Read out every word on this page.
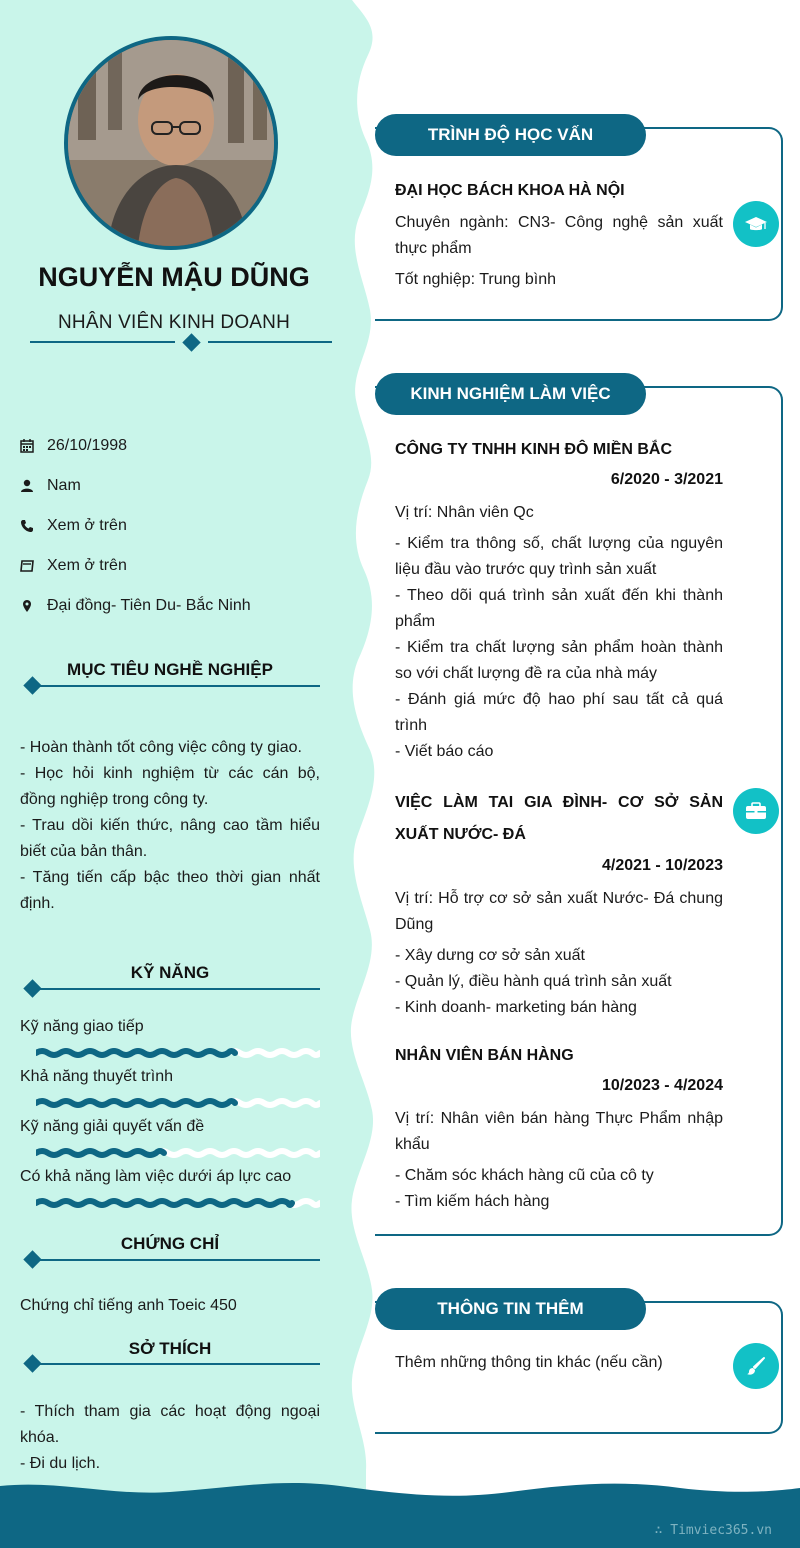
NGUYỄN MẬU DŨNG
NHÂN VIÊN KINH DOANH
26/10/1998
Nam
Xem ở trên
Xem ở trên
Đại đồng- Tiên Du- Bắc Ninh
MỤC TIÊU NGHỀ NGHIỆP
- Hoàn thành tốt công việc công ty giao.
- Học hỏi kinh nghiệm từ các cán bộ, đồng nghiệp trong công ty.
- Trau dồi kiến thức, nâng cao tầm hiểu biết của bản thân.
- Tăng tiến cấp bậc theo thời gian nhất định.
KỸ NĂNG
Kỹ năng giao tiếp
Khả năng thuyết trình
Kỹ năng giải quyết vấn đề
Có khả năng làm việc dưới áp lực cao
CHỨNG CHỈ
Chứng chỉ tiếng anh Toeic 450
SỞ THÍCH
- Thích tham gia các hoạt động ngoại khóa.
- Đi du lịch.
TRÌNH ĐỘ HỌC VẤN
ĐẠI HỌC BÁCH KHOA HÀ NỘI
Chuyên ngành: CN3- Công nghệ sản xuất thực phẩm
Tốt nghiệp: Trung bình
KINH NGHIỆM LÀM VIỆC
CÔNG TY TNHH KINH ĐÔ MIỀN BẮC
6/2020 - 3/2021
Vị trí: Nhân viên Qc
- Kiểm tra thông số, chất lượng của nguyên liệu đầu vào trước quy trình sản xuất
- Theo dõi quá trình sản xuất đến khi thành phẩm
- Kiểm tra chất lượng sản phẩm hoàn thành so với chất lượng đề ra của nhà máy
- Đánh giá mức độ hao phí sau tất cả quá trình
- Viết báo cáo
VIỆC LÀM TAI GIA ĐÌNH- CƠ SỞ SẢN XUẤT NƯỚC- ĐÁ
4/2021 - 10/2023
Vị trí: Hỗ trợ cơ sở sản xuất Nước- Đá chung Dũng
- Xây dưng cơ sở sản xuất
- Quản lý, điều hành quá trình sản xuất
- Kinh doanh- marketing bán hàng
NHÂN VIÊN BÁN HÀNG
10/2023 - 4/2024
Vị trí: Nhân viên bán hàng Thực Phẩm nhập khẩu
- Chăm sóc khách hàng cũ của cô ty
- Tìm kiếm hách hàng
THÔNG TIN THÊM
Thêm những thông tin khác (nếu cần)
∴ Timviec365.vn
